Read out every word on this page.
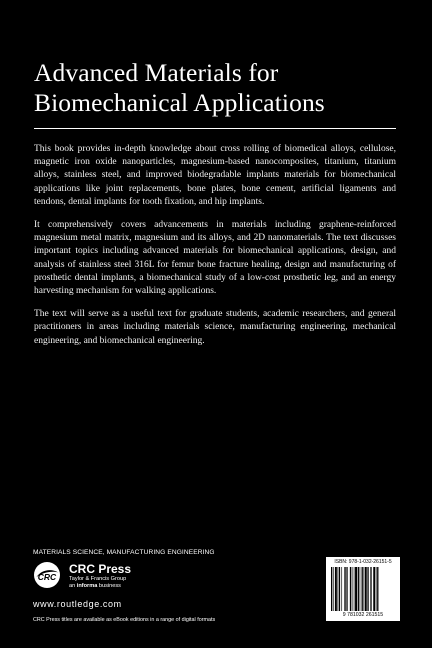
Advanced Materials for
Biomechanical Applications

This book provides in-depth knowledge about cross rolling of biomedical alloys, cellulose, magnetic iron oxide nanoparticles, magnesium-based nanocomposites, titanium, titanium alloys, stainless steel, and improved biodegradable implants materials for biomechanical applications like joint replacements, bone plates, bone cement, artificial ligaments and tendons, dental implants for tooth fixation, and hip implants.

It comprehensively covers advancements in materials including graphene-reinforced magnesium metal matrix, magnesium and its alloys, and 2D nanomaterials. The text discusses important topics including advanced materials for biomechanical applications, design, and analysis of stainless steel 316L for femur bone fracture healing, design and manufacturing of prosthetic dental implants, a biomechanical study of a low-cost prosthetic leg, and an energy harvesting mechanism for walking applications.

The text will serve as a useful text for graduate students, academic researchers, and general practitioners in areas including materials science, manufacturing engineering, mechanical engineering, and biomechanical engineering.

MATERIALS SCIENCE, MANUFACTURING ENGINEERING
CRC
CRC Press
Taylor & Francis Group
an informa business
www.routledge.com
CRC Press titles are available as eBook editions in a range of digital formats
ISBN: 978-1-032-26151-5
9 781032 261515
